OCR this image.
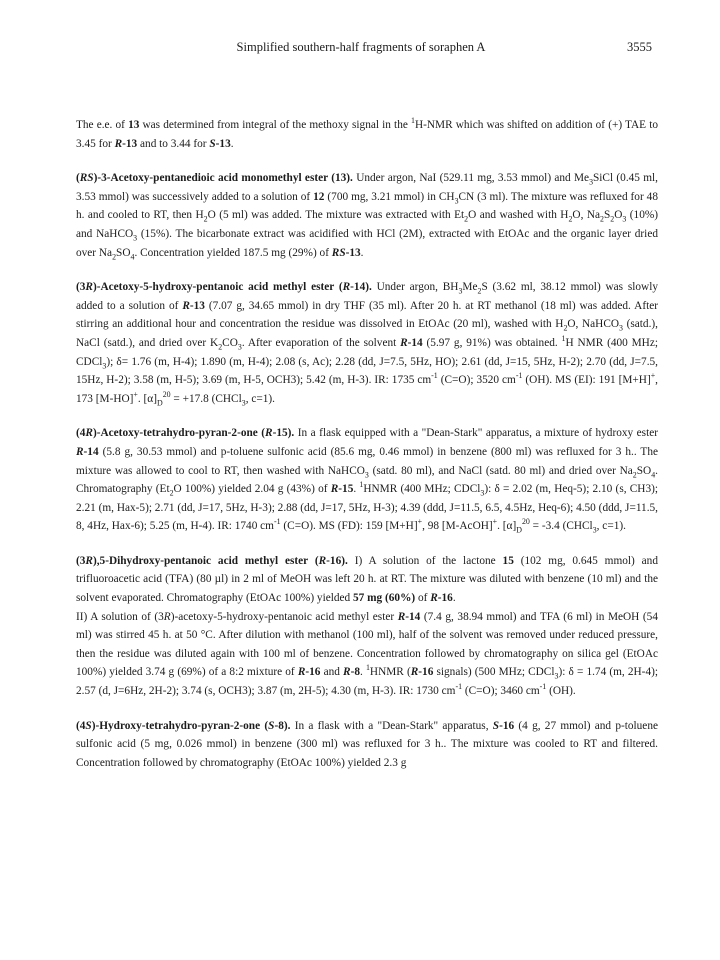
Simplified southern-half fragments of soraphen A	3555

The e.e. of 13 was determined from integral of the methoxy signal in the $^1$H-NMR which was shifted on addition of (+) TAE to 3.45 for R-13 and to 3.44 for S-13.

(RS)-3-Acetoxy-pentanedioic acid monomethyl ester (13). Under argon, NaI (529.11 mg, 3.53 mmol) and $Me_3SiCl$ (0.45 ml, 3.53 mmol) was successively added to a solution of 12 (700 mg, 3.21 mmol) in $CH_3CN$ (3 ml). The mixture was refluxed for 48 h. and cooled to RT, then $H_2O$ (5 ml) was added. The mixture was extracted with $Et_2O$ and washed with $H_2O$, $Na_2S_2O_3$ (10%) and NaHCO$_3$ (15%). The bicarbonate extract was acidified with HCl (2M), extracted with EtOAc and the organic layer dried over $Na_2SO_4$. Concentration yielded 187.5 mg (29%) of RS-13.

(3R)-Acetoxy-5-hydroxy-pentanoic acid methyl ester (R-14). Under argon, $BH_3Me_2S$ (3.62 ml, 38.12 mmol) was slowly added to a solution of R-13 (7.07 g, 34.65 mmol) in dry THF (35 ml). After 20 h. at RT methanol (18 ml) was added. After stirring an additional hour and concentration the residue was dissolved in EtOAc (20 ml), washed with $H_2O$, NaHCO$_3$ (satd.), NaCl (satd.), and dried over $K_2CO_3$. After evaporation of the solvent R-14 (5.97 g, 91%) was obtained. $^1$H NMR (400 MHz; CDCl$_3$); δ= 1.76 (m, H-4); 1.890 (m, H-4); 2.08 (s, Ac); 2.28 (dd, J=7.5, 5Hz, HO); 2.61 (dd, J=15, 5Hz, H-2); 2.70 (dd, J=7.5, 15Hz, H-2); 3.58 (m, H-5); 3.69 (m, H-5, OCH3); 5.42 (m, H-3). IR: 1735 $cm^{-1}$ (C=O); 3520 $cm^{-1}$ (OH). MS (EI): 191 [M+H]+, 173 [M-HO]+. $[\alpha]_D^{20} = +17.8$ (CHCl$_3$, c=1).

(4R)-Acetoxy-tetrahydro-pyran-2-one (R-15). In a flask equipped with a "Dean-Stark" apparatus, a mixture of hydroxy ester R-14 (5.8 g, 30.53 mmol) and p-toluene sulfonic acid (85.6 mg, 0.46 mmol) in benzene (800 ml) was refluxed for 3 h.. The mixture was allowed to cool to RT, then washed with NaHCO$_3$ (satd. 80 ml), and NaCl (satd. 80 ml) and dried over $Na_2SO_4$. Chromatography ($Et_2O$ 100%) yielded 2.04 g (43%) of R-15. $^1$HNMR (400 MHz; CDCl$_3$): δ = 2.02 (m, Heq-5); 2.10 (s, CH3); 2.21 (m, Hax-5); 2.71 (dd, J=17, 5Hz, H-3); 2.88 (dd, J=17, 5Hz, H-3); 4.39 (ddd, J=11.5, 6.5, 4.5Hz, Heq-6); 4.50 (ddd, J=11.5, 8, 4Hz, Hax-6); 5.25 (m, H-4). IR: 1740 $cm^{-1}$ (C=O). MS (FD): 159 [M+H]+, 98 [M-AcOH]+. $[\alpha]_D^{20} = -3.4$ (CHCl$_3$, c=1).

(3R),5-Dihydroxy-pentanoic acid methyl ester (R-16). I) A solution of the lactone 15 (102 mg, 0.645 mmol) and trifluoroacetic acid (TFA) (80 µl) in 2 ml of MeOH was left 20 h. at RT. The mixture was diluted with benzene (10 ml) and the solvent evaporated. Chromatography (EtOAc 100%) yielded 57 mg (60%) of R-16.

II) A solution of (3R)-acetoxy-5-hydroxy-pentanoic acid methyl ester R-14 (7.4 g, 38.94 mmol) and TFA (6 ml) in MeOH (54 ml) was stirred 45 h. at 50 °C. After dilution with methanol (100 ml), half of the solvent was removed under reduced pressure, then the residue was diluted again with 100 ml of benzene. Concentration followed by chromatography on silica gel (EtOAc 100%) yielded 3.74 g (69%) of a 8:2 mixture of R-16 and R-8. $^1$HNMR (R-16 signals) (500 MHz; CDCl$_3$): δ = 1.74 (m, 2H-4); 2.57 (d, J=6Hz, 2H-2); 3.74 (s, OCH3); 3.87 (m, 2H-5); 4.30 (m, H-3). IR: 1730 $cm^{-1}$ (C=O); 3460 $cm^{-1}$ (OH).

(4S)-Hydroxy-tetrahydro-pyran-2-one (S-8). In a flask with a "Dean-Stark" apparatus, S-16 (4 g, 27 mmol) and p-toluene sulfonic acid (5 mg, 0.026 mmol) in benzene (300 ml) was refluxed for 3 h.. The mixture was cooled to RT and filtered. Concentration followed by chromatography (EtOAc 100%) yielded 2.3 g
